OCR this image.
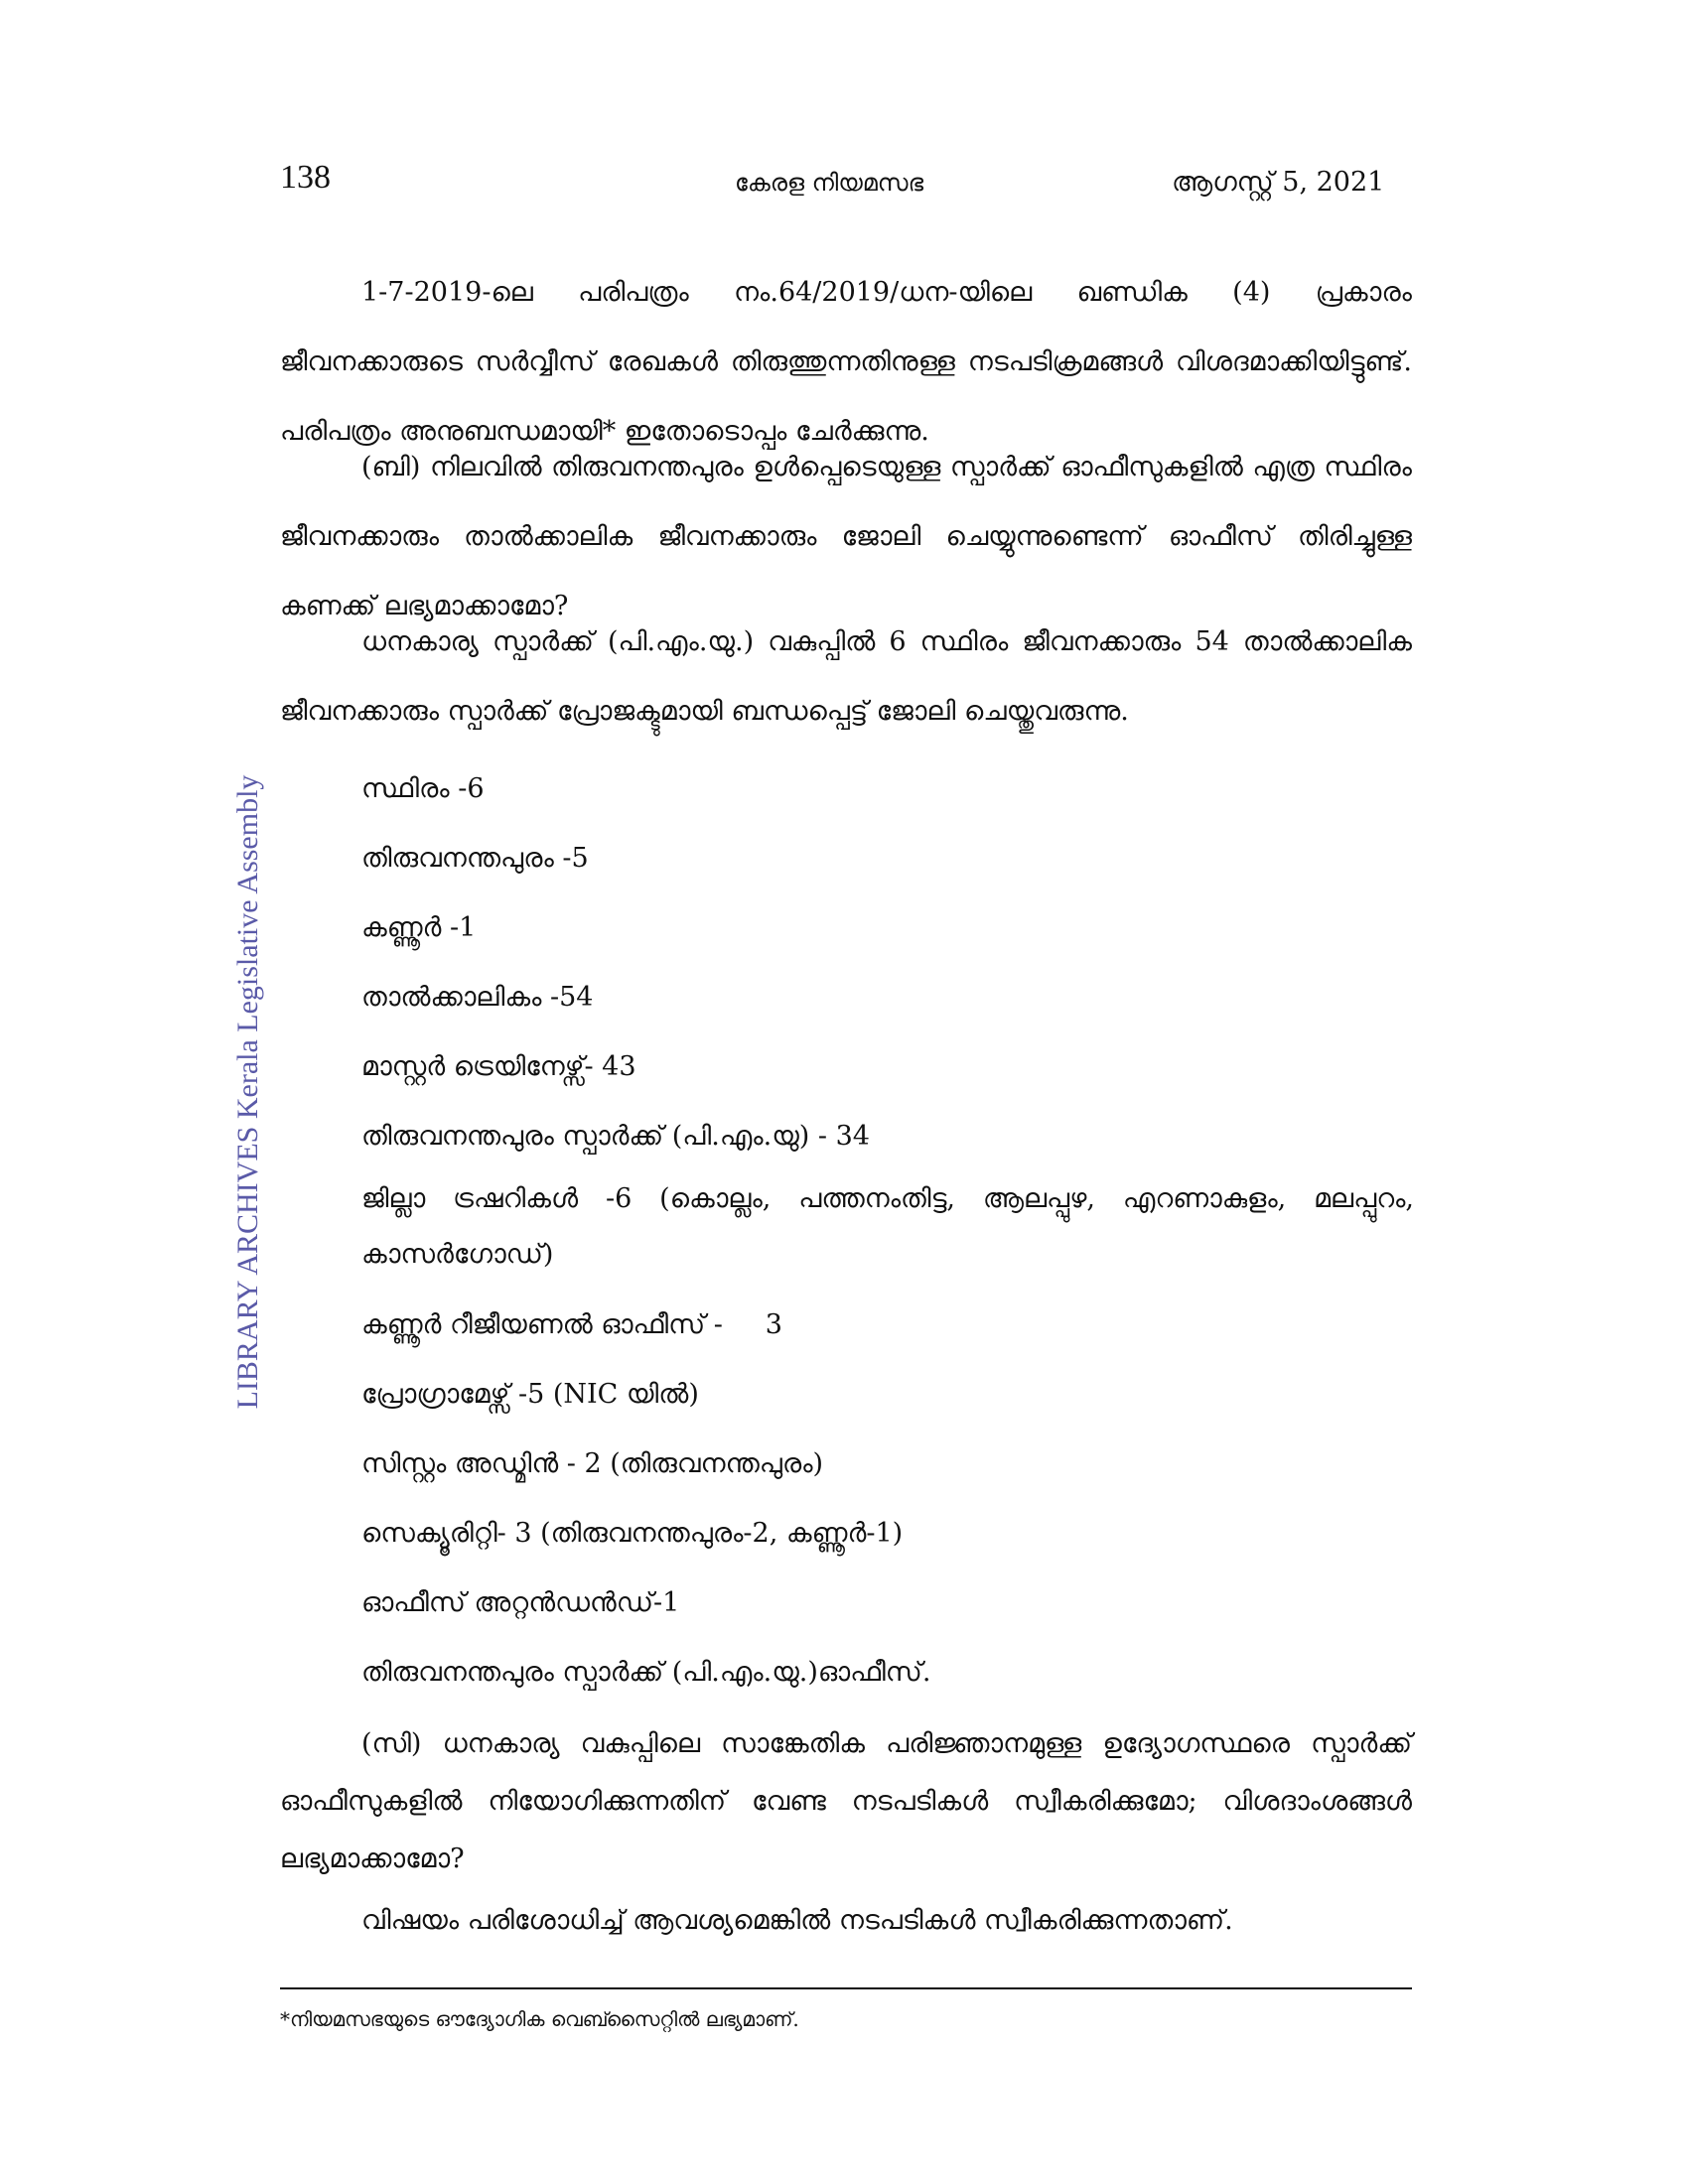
138	കേരള നിയമസഭ	ആഗസ്റ്റ് 5, 2021
LIBRARY ARCHIVES Kerala Legislative Assembly
1-7-2019-ലെ പരിപത്രം നം.64/2019/ധന-യിലെ ഖണ്ഡിക (4) പ്രകാരം ജീവനക്കാരുടെ സർവ്വീസ് രേഖകൾ തിരുത്തുന്നതിനുള്ള നടപടിക്രമങ്ങൾ വിശദമാക്കിയിട്ടുണ്ട്. പരിപത്രം അനുബന്ധമായി* ഇതോടൊപ്പം ചേർക്കുന്നു.
(ബി) നിലവിൽ തിരുവനന്തപുരം ഉൾപ്പെടെയുള്ള സ്പാർക്ക് ഓഫീസുകളിൽ എത്ര സ്ഥിരം ജീവനക്കാരും താൽക്കാലിക ജീവനക്കാരും ജോലി ചെയ്യുന്നുണ്ടെന്ന് ഓഫീസ് തിരിച്ചുള്ള കണക്ക് ലഭ്യമാക്കാമോ?
ധനകാര്യ സ്പാർക്ക് (പി.എം.യു.) വകുപ്പിൽ 6 സ്ഥിരം ജീവനക്കാരും 54 താൽക്കാലിക ജീവനക്കാരും സ്പാർക്ക് പ്രോജക്ടുമായി ബന്ധപ്പെട്ട് ജോലി ചെയ്തുവരുന്നു.
സ്ഥിരം -6
തിരുവനന്തപുരം -5
കണ്ണൂർ -1
താൽക്കാലികം -54
മാസ്റ്റർ ട്രെയിനേഴ്സ്- 43
തിരുവനന്തപുരം സ്പാർക്ക് (പി.എം.യു) - 34
ജില്ലാ ട്രഷറികൾ -6 (കൊല്ലം, പത്തനംതിട്ട, ആലപ്പുഴ, എറണാകുളം, മലപ്പുറം, കാസർഗോഡ്)
കണ്ണൂർ റീജീയണൽ ഓഫീസ് -     3
പ്രോഗ്രാമേഴ്സ് -5 (NIC യിൽ)
സിസ്റ്റം അഡ്മിൻ - 2 (തിരുവനന്തപുരം)
സെക്യൂരിറ്റി- 3 (തിരുവനന്തപുരം-2, കണ്ണൂർ-1)
ഓഫീസ് അറ്റൻഡൻഡ്-1
തിരുവനന്തപുരം സ്പാർക്ക് (പി.എം.യു.)ഓഫീസ്.
(സി) ധനകാര്യ വകുപ്പിലെ സാങ്കേതിക പരിജ്ഞാനമുള്ള ഉദ്യോഗസ്ഥരെ സ്പാർക്ക് ഓഫീസുകളിൽ നിയോഗിക്കുന്നതിന് വേണ്ട നടപടികൾ സ്വീകരിക്കുമോ; വിശദാംശങ്ങൾ ലഭ്യമാക്കാമോ?
വിഷയം പരിശോധിച്ച് ആവശ്യമെങ്കിൽ നടപടികൾ സ്വീകരിക്കുന്നതാണ്.
*നിയമസഭയുടെ ഔദ്യോഗിക വെബ്സൈറ്റിൽ ലഭ്യമാണ്.
